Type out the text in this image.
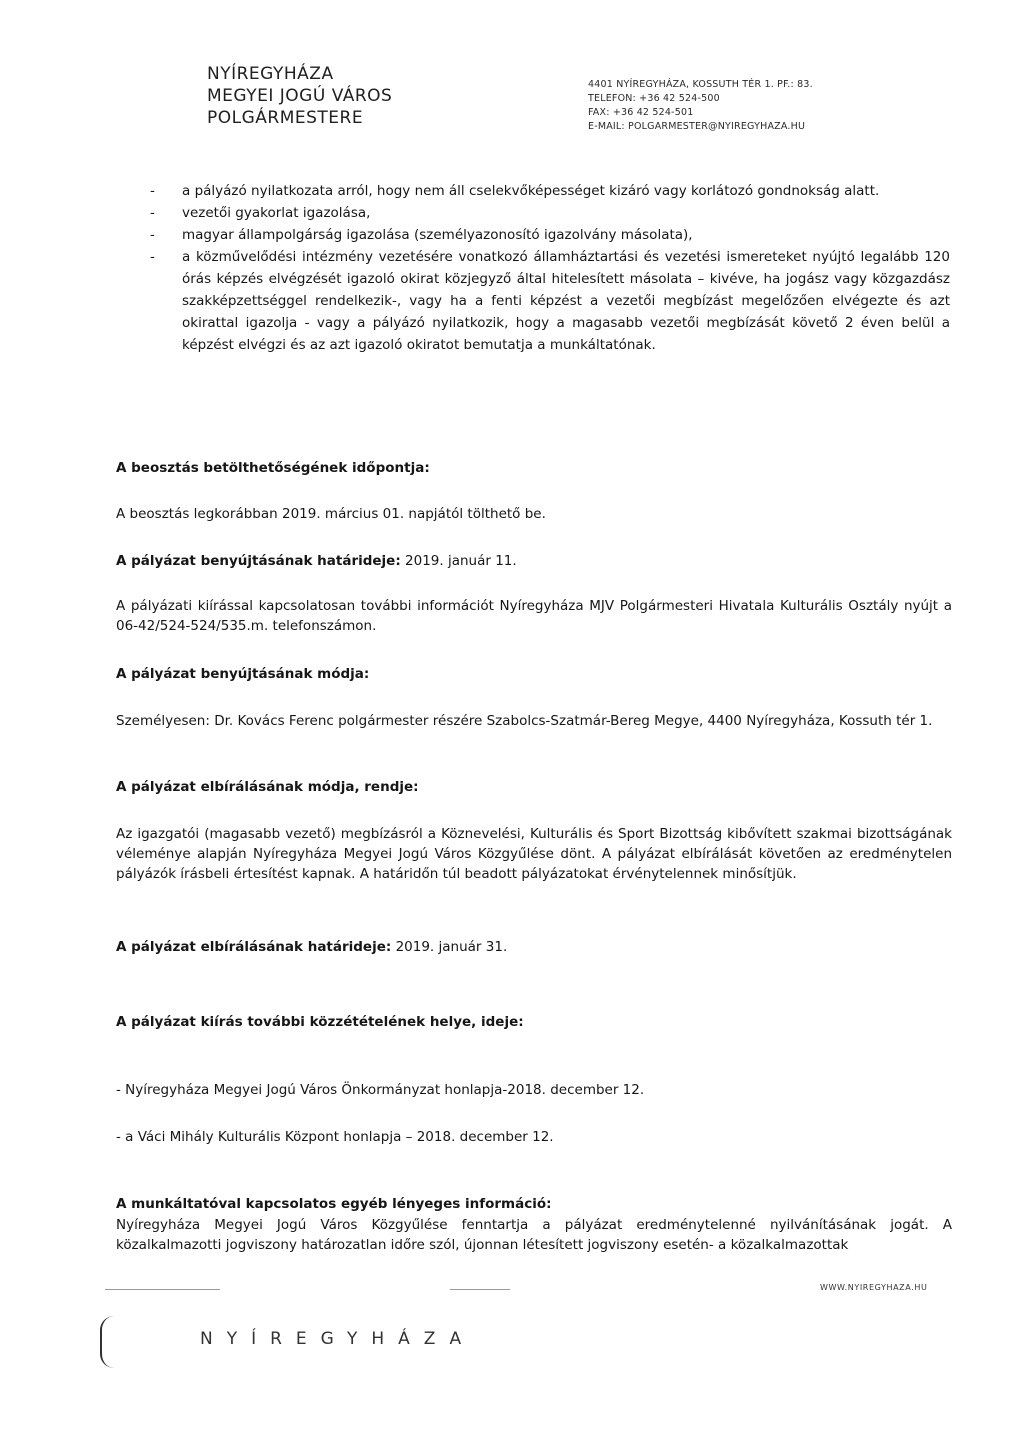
NYÍREGYHÁZA
MEGYEI JOGÚ VÁROS
POLGÁRMESTERE
4401 NYÍREGYHÁZA, KOSSUTH TÉR 1. PF.: 83.
TELEFON: +36 42 524-500
FAX: +36 42 524-501
E-MAIL: POLGARMESTER@NYIREGYHAZA.HU
- a pályázó nyilatkozata arról, hogy nem áll cselekvőképességet kizáró vagy korlátozó gondnokság alatt.
- vezetői gyakorlat igazolása,
- magyar állampolgárság igazolása (személyazonosító igazolvány másolata),
- a közművelődési intézmény vezetésére vonatkozó államháztartási és vezetési ismereteket nyújtó legalább 120 órás képzés elvégzését igazoló okirat közjegyző által hitelesített másolata – kivéve, ha jogász vagy közgazdász szakképzettséggel rendelkezik-, vagy ha a fenti képzést a vezetői megbízást megelőzően elvégezte és azt okirattal igazolja - vagy a pályázó nyilatkozik, hogy a magasabb vezetői megbízását követő 2 éven belül a képzést elvégzi és az azt igazoló okiratot bemutatja a munkáltatónak.
A beosztás betölthetőségének időpontja:
A beosztás legkorábban 2019. március 01. napjától tölthető be.
A pályázat benyújtásának határideje: 2019. január 11.
A pályázati kiírással kapcsolatosan további információt Nyíregyháza MJV Polgármesteri Hivatala Kulturális Osztály nyújt a 06-42/524-524/535.m. telefonszámon.
A pályázat benyújtásának módja:
Személyesen: Dr. Kovács Ferenc polgármester részére Szabolcs-Szatmár-Bereg Megye, 4400 Nyíregyháza, Kossuth tér 1.
A pályázat elbírálásának módja, rendje:
Az igazgatói (magasabb vezető) megbízásról a Köznevelési, Kulturális és Sport Bizottság kibővített szakmai bizottságának véleménye alapján Nyíregyháza Megyei Jogú Város Közgyűlése dönt. A pályázat elbírálását követően az eredménytelen pályázók írásbeli értesítést kapnak. A határidőn túl beadott pályázatokat érvénytelennek minősítjük.
A pályázat elbírálásának határideje: 2019. január 31.
A pályázat kiírás további közzétételének helye, ideje:
- Nyíregyháza Megyei Jogú Város Önkormányzat honlapja-2018. december 12.
- a Váci Mihály Kulturális Központ honlapja – 2018. december 12.
A munkáltatóval kapcsolatos egyéb lényeges információ:
Nyíregyháza Megyei Jogú Város Közgyűlése fenntartja a pályázat eredménytelenné nyilvánításának jogát. A közalkalmazotti jogviszony határozatlan időre szól, újonnan létesített jogviszony esetén- a közalkalmazottak
WWW.NYIREGYHAZA.HU
NYÍREGYHÁZA
